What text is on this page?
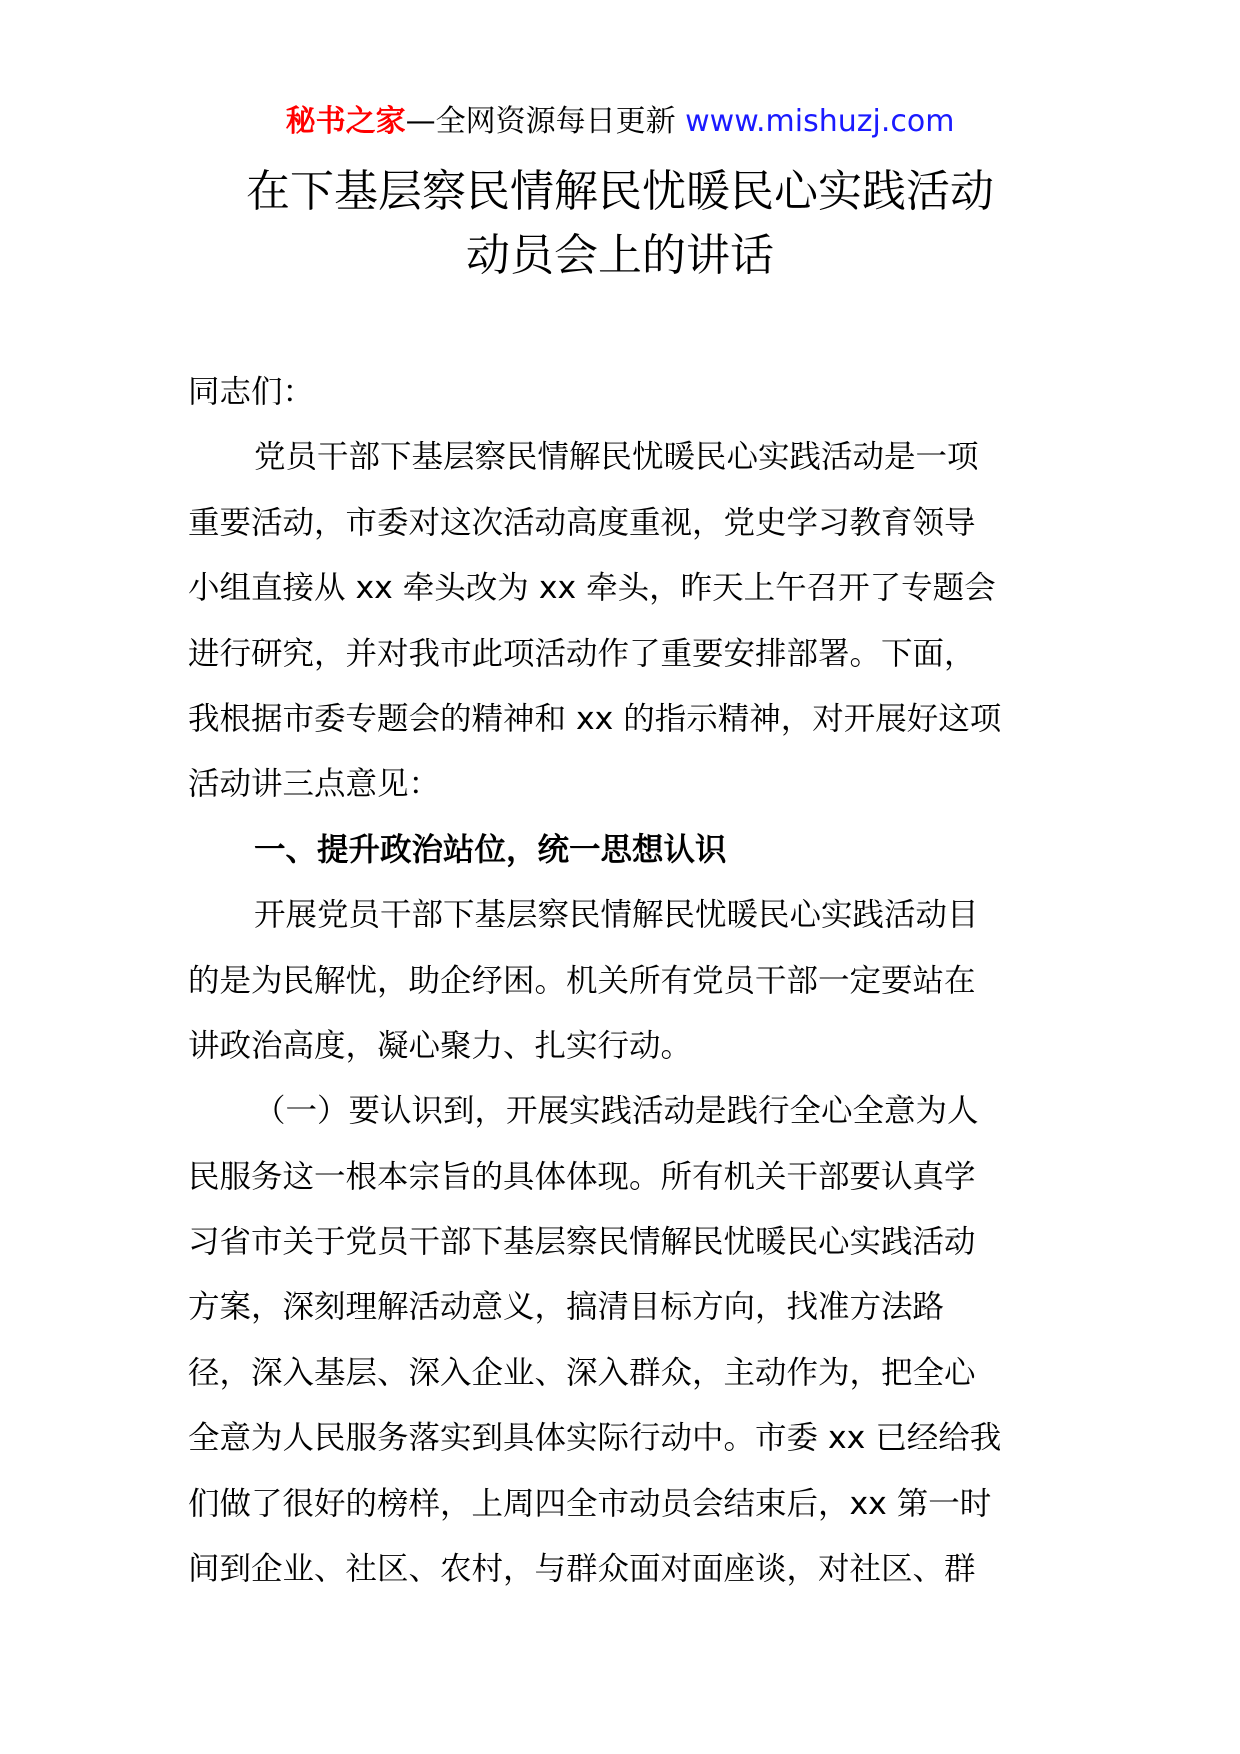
秘书之家—全网资源每日更新 www.mishuzj.com
在下基层察民情解民忧暖民心实践活动
动员会上的讲话
同志们：
党员干部下基层察民情解民忧暖民心实践活动是一项
重要活动，市委对这次活动高度重视，党史学习教育领导
小组直接从 xx 牵头改为 xx 牵头，昨天上午召开了专题会
进行研究，并对我市此项活动作了重要安排部署。下面，
我根据市委专题会的精神和 xx 的指示精神，对开展好这项
活动讲三点意见：
一、提升政治站位，统一思想认识
开展党员干部下基层察民情解民忧暖民心实践活动目
的是为民解忧，助企纾困。机关所有党员干部一定要站在
讲政治高度，凝心聚力、扎实行动。
（一）要认识到，开展实践活动是践行全心全意为人
民服务这一根本宗旨的具体体现。所有机关干部要认真学
习省市关于党员干部下基层察民情解民忧暖民心实践活动
方案，深刻理解活动意义，搞清目标方向，找准方法路
径，深入基层、深入企业、深入群众，主动作为，把全心
全意为人民服务落实到具体实际行动中。市委 xx 已经给我
们做了很好的榜样，上周四全市动员会结束后，xx 第一时
间到企业、社区、农村，与群众面对面座谈，对社区、群
